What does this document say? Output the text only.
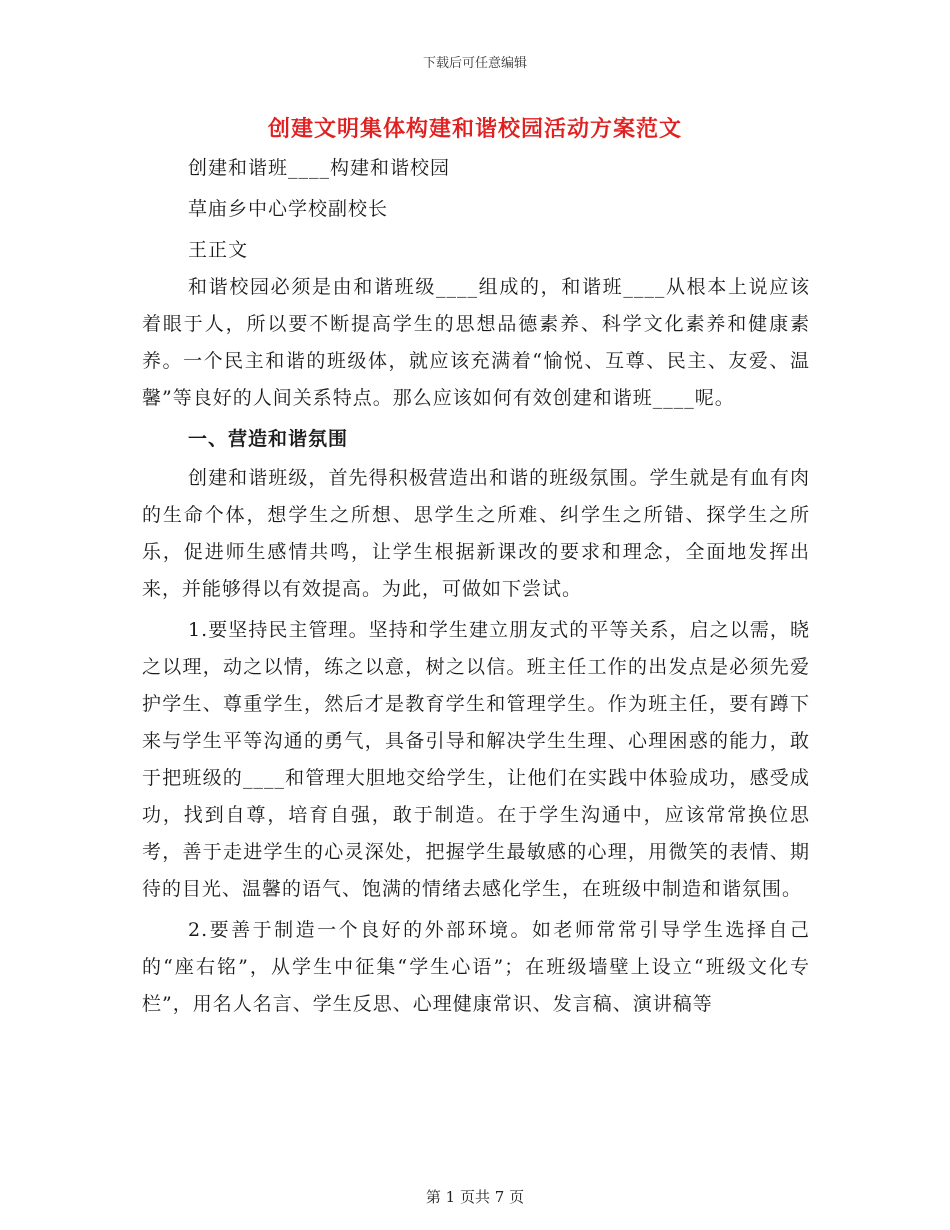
下载后可任意编辑
创建文明集体构建和谐校园活动方案范文
创建和谐班____构建和谐校园
草庙乡中心学校副校长
王正文

和谐校园必须是由和谐班级____组成的，和谐班____从根本上说应该着眼于人，所以要不断提高学生的思想品德素养、科学文化素养和健康素养。一个民主和谐的班级体，就应该充满着“愉悦、互尊、民主、友爱、温馨”等良好的人间关系特点。那么应该如何有效创建和谐班____呢。

一、营造和谐氛围

创建和谐班级，首先得积极营造出和谐的班级氛围。学生就是有血有肉的生命个体，想学生之所想、思学生之所难、纠学生之所错、探学生之所乐，促进师生感情共鸣，让学生根据新课改的要求和理念，全面地发挥出来，并能够得以有效提高。为此，可做如下尝试。

1.要坚持民主管理。坚持和学生建立朋友式的平等关系，启之以需，晓之以理，动之以情，练之以意，树之以信。班主任工作的出发点是必须先爱护学生、尊重学生，然后才是教育学生和管理学生。作为班主任，要有蹲下来与学生平等沟通的勇气，具备引导和解决学生生理、心理困惑的能力，敢于把班级的____和管理大胆地交给学生，让他们在实践中体验成功，感受成功，找到自尊，培育自强，敢于制造。在于学生沟通中，应该常常换位思考，善于走进学生的心灵深处，把握学生最敏感的心理，用微笑的表情、期待的目光、温馨的语气、饱满的情绪去感化学生，在班级中制造和谐氛围。

2.要善于制造一个良好的外部环境。如老师常常引导学生选择自己的“座右铭”，从学生中征集“学生心语”；在班级墙壁上设立“班级文化专栏”，用名人名言、学生反思、心理健康常识、发言稿、演讲稿等

第 1 页共 7 页
